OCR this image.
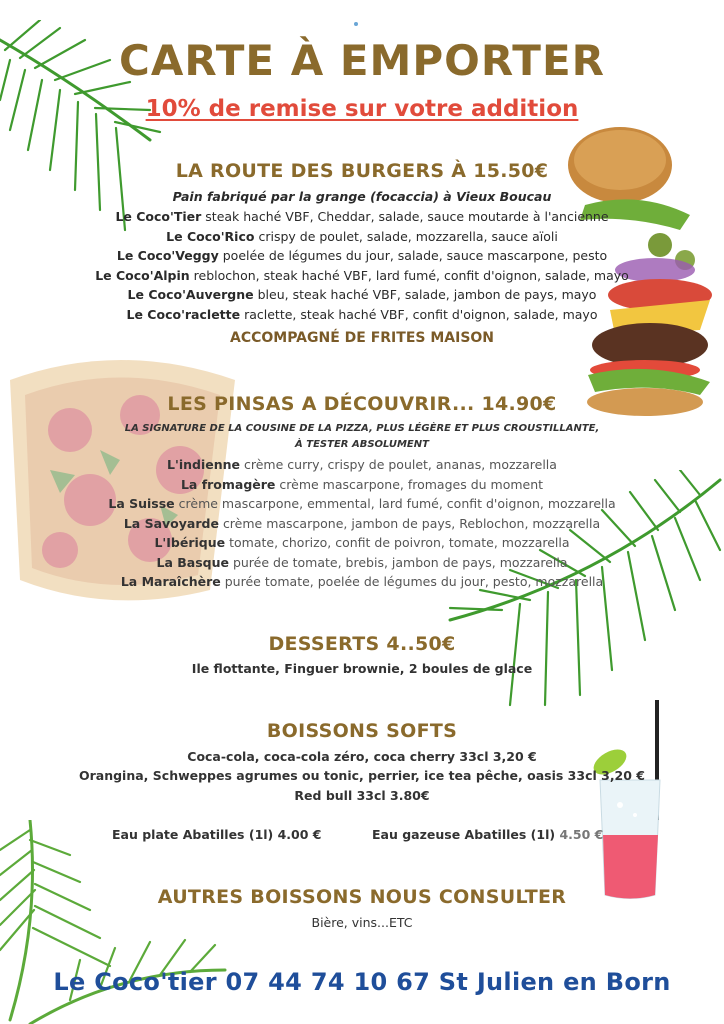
CARTE À EMPORTER
10% de remise sur votre addition
LA ROUTE DES BURGERS À 15.50€
Pain fabriqué par la grange (focaccia) à Vieux Boucau
Le Coco'Tier steak haché VBF, Cheddar, salade, sauce moutarde à l'ancienne
Le Coco'Rico crispy de poulet, salade, mozzarella, sauce aïoli
Le Coco'Veggy poelée de légumes du jour, salade, sauce mascarpone, pesto
Le Coco'Alpin reblochon, steak haché VBF, lard fumé, confit d'oignon, salade, mayo
Le Coco'Auvergne bleu, steak haché VBF, salade, jambon de pays, mayo
Le Coco'raclette raclette, steak haché VBF, confit d'oignon, salade, mayo
ACCOMPAGNÉ DE FRITES MAISON
LES PINSAS A DÉCOUVRIR... 14.90€
LA SIGNATURE DE LA COUSINE DE LA PIZZA, PLUS LÉGÈRE ET PLUS CROUSTILLANTE,
À TESTER ABSOLUMENT
L'indienne crème curry, crispy de poulet, ananas, mozzarella
La fromagère crème mascarpone, fromages du moment
La Suisse crème mascarpone, emmental, lard fumé, confit d'oignon, mozzarella
La Savoyarde crème mascarpone, jambon de pays, Reblochon, mozzarella
L'Ibérique tomate, chorizo, confit de poivron, tomate, mozzarella
La Basque purée de tomate, brebis, jambon de pays, mozzarella
La Maraîchère purée tomate, poelée de légumes du jour, pesto, mozzarella
DESSERTS 4..50€
Ile flottante, Finguer brownie, 2 boules de glace
BOISSONS SOFTS
Coca-cola, coca-cola zéro, coca cherry 33cl 3,20 €
Orangina, Schweppes agrumes ou tonic, perrier, ice tea pêche, oasis 33cl 3,20 €
Red bull 33cl 3.80€
Eau plate Abatilles (1l) 4.00 €	Eau gazeuse Abatilles (1l) 4.50 €
AUTRES BOISSONS NOUS CONSULTER
Bière, vins...ETC
Le Coco'tier 07 44 74 10 67 St Julien en Born
